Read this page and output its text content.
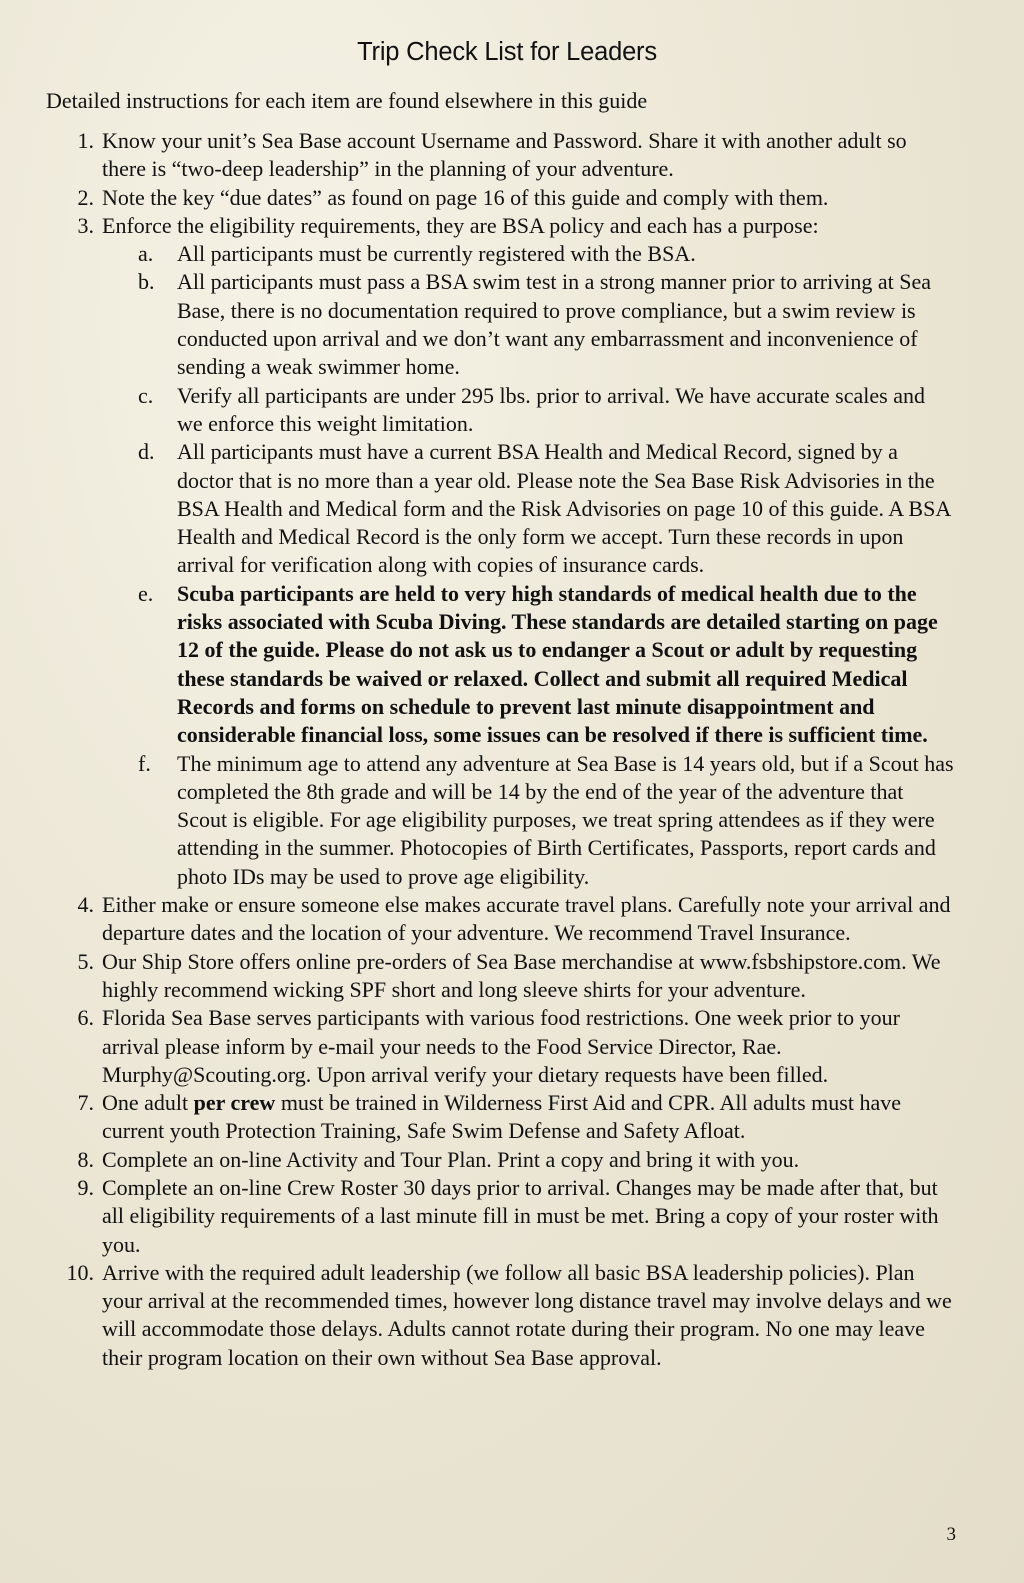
Trip Check List for Leaders

Detailed instructions for each item are found elsewhere in this guide

1. Know your unit’s Sea Base account Username and Password. Share it with another adult so there is “two-deep leadership” in the planning of your adventure.
2. Note the key “due dates” as found on page 16 of this guide and comply with them.
3. Enforce the eligibility requirements, they are BSA policy and each has a purpose:
a.	All participants must be currently registered with the BSA.
b. All participants must pass a BSA swim test in a strong manner prior to arriving at Sea Base, there is no documentation required to prove compliance, but a swim review is conducted upon arrival and we don’t want any embarrassment and inconvenience of sending a weak swimmer home.
c.	Verify all participants are under 295 lbs. prior to arrival. We have accurate scales and we enforce this weight limitation.
d. All participants must have a current BSA Health and Medical Record, signed by a doctor that is no more than a year old. Please note the Sea Base Risk Advisories in the BSA Health and Medical form and the Risk Advisories on page 10 of this guide. A BSA Health and Medical Record is the only form we accept. Turn these records in upon arrival for verification along with copies of insurance cards.
e.	Scuba participants are held to very high standards of medical health due to the risks associated with Scuba Diving. These standards are detailed starting on page 12 of the guide. Please do not ask us to endanger a Scout or adult by requesting these standards be waived or relaxed. Collect and submit all required Medical Records and forms on schedule to prevent last minute disappointment and considerable financial loss, some issues can be resolved if there is sufficient time.
f.	The minimum age to attend any adventure at Sea Base is 14 years old, but if a Scout has completed the 8th grade and will be 14 by the end of the year of the adventure that Scout is eligible. For age eligibility purposes, we treat spring attendees as if they were attending in the summer. Photocopies of Birth Certificates, Passports, report cards and photo IDs may be used to prove age eligibility.
4. Either make or ensure someone else makes accurate travel plans. Carefully note your arrival and departure dates and the location of your adventure. We recommend Travel Insurance.
5. Our Ship Store offers online pre-orders of Sea Base merchandise at www.fsbshipstore.com. We highly recommend wicking SPF short and long sleeve shirts for your adventure.
6. Florida Sea Base serves participants with various food restrictions. One week prior to your arrival please inform by e-mail your needs to the Food Service Director, Rae. Murphy@Scouting.org. Upon arrival verify your dietary requests have been filled.
7. One adult per crew must be trained in Wilderness First Aid and CPR. All adults must have current youth Protection Training, Safe Swim Defense and Safety Afloat.
8. Complete an on-line Activity and Tour Plan. Print a copy and bring it with you.
9. Complete an on-line Crew Roster 30 days prior to arrival. Changes may be made after that, but all eligibility requirements of a last minute fill in must be met. Bring a copy of your roster with you.
10. Arrive with the required adult leadership (we follow all basic BSA leadership policies). Plan your arrival at the recommended times, however long distance travel may involve delays and we will accommodate those delays. Adults cannot rotate during their program. No one may leave their program location on their own without Sea Base approval.
3
